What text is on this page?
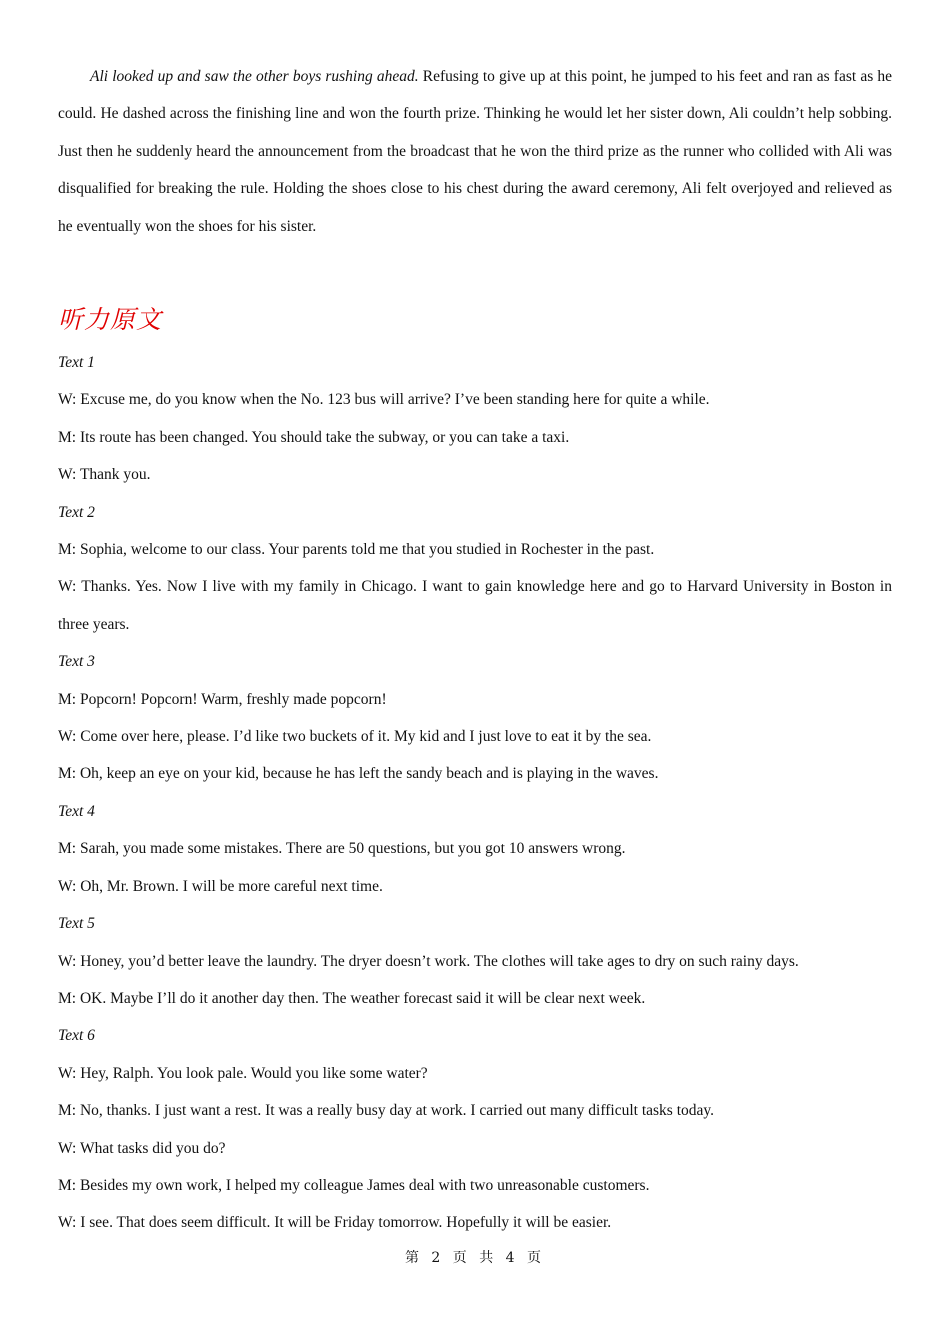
Ali looked up and saw the other boys rushing ahead. Refusing to give up at this point, he jumped to his feet and ran as fast as he could. He dashed across the finishing line and won the fourth prize. Thinking he would let her sister down, Ali couldn’t help sobbing. Just then he suddenly heard the announcement from the broadcast that he won the third prize as the runner who collided with Ali was disqualified for breaking the rule. Holding the shoes close to his chest during the award ceremony, Ali felt overjoyed and relieved as he eventually won the shoes for his sister.

听力原文

Text 1

W: Excuse me, do you know when the No. 123 bus will arrive? I’ve been standing here for quite a while.

M: Its route has been changed. You should take the subway, or you can take a taxi.

W: Thank you.

Text 2

M: Sophia, welcome to our class. Your parents told me that you studied in Rochester in the past.

W: Thanks. Yes. Now I live with my family in Chicago. I want to gain knowledge here and go to Harvard University in Boston in three years.

Text 3

M: Popcorn! Popcorn! Warm, freshly made popcorn!

W: Come over here, please. I’d like two buckets of it. My kid and I just love to eat it by the sea.

M: Oh, keep an eye on your kid, because he has left the sandy beach and is playing in the waves.

Text 4

M: Sarah, you made some mistakes. There are 50 questions, but you got 10 answers wrong.

W: Oh, Mr. Brown. I will be more careful next time.

Text 5

W: Honey, you’d better leave the laundry. The dryer doesn’t work. The clothes will take ages to dry on such rainy days.

M: OK. Maybe I’ll do it another day then. The weather forecast said it will be clear next week.

Text 6

W: Hey, Ralph. You look pale. Would you like some water?

M: No, thanks. I just want a rest. It was a really busy day at work. I carried out many difficult tasks today.

W: What tasks did you do?

M: Besides my own work, I helped my colleague James deal with two unreasonable customers.

W: I see. That does seem difficult. It will be Friday tomorrow. Hopefully it will be easier.

第 2 页 共 4 页
